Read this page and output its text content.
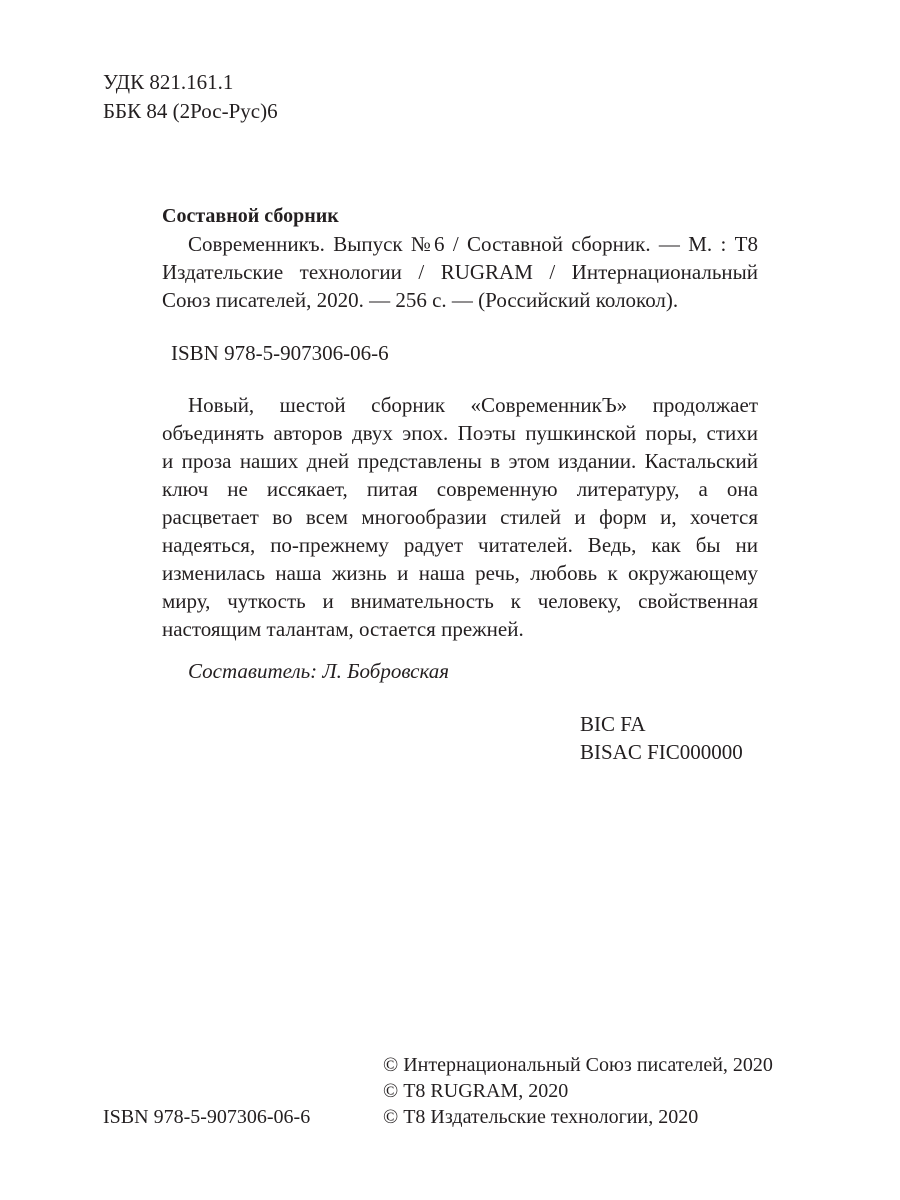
УДК 821.161.1
ББК 84 (2Рос-Рус)6
Составной сборник
Современникъ. Выпуск №6 / Составной сборник. — М. : Т8
Издательские технологии / RUGRAM / Интернациональный
Союз писателей, 2020. — 256 с. — (Российский колокол).
ISBN 978-5-907306-06-6
Новый, шестой сборник «СовременникЪ» продолжает
объединять авторов двух эпох. Поэты пушкинской поры, стихи
и проза наших дней представлены в этом издании. Кастальский
ключ не иссякает, питая современную литературу, а она
расцветает во всем многообразии стилей и форм и, хочется
надеяться, по-прежнему радует читателей. Ведь, как бы ни
изменилась наша жизнь и наша речь, любовь к окружающему
миру, чуткость и внимательность к человеку, свойственная
настоящим талантам, остается прежней.
Составитель: Л. Бобровская
BIC FA
BISAC FIC000000
© Интернациональный Союз писателей, 2020
© Т8 RUGRAM, 2020
ISBN 978-5-907306-06-6	© Т8 Издательские технологии, 2020
